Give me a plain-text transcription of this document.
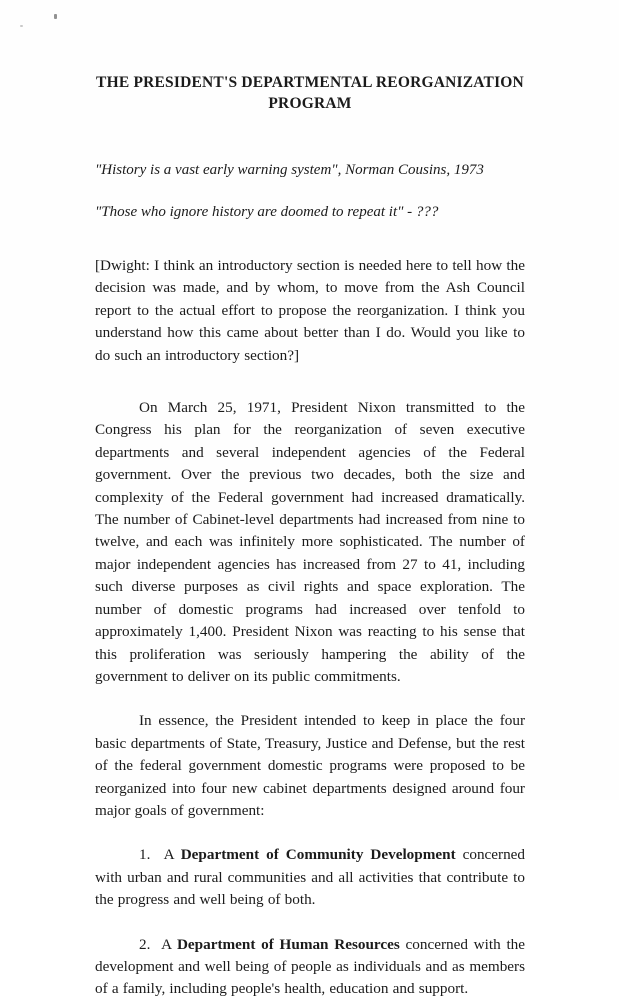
THE PRESIDENT'S DEPARTMENTAL REORGANIZATION PROGRAM

"History is a vast early warning system", Norman Cousins, 1973

"Those who ignore history are doomed to repeat it" - ???

[Dwight: I think an introductory section is needed here to tell how the decision was made, and by whom, to move from the Ash Council report to the actual effort to propose the reorganization. I think you understand how this came about better than I do. Would you like to do such an introductory section?]

On March 25, 1971, President Nixon transmitted to the Congress his plan for the reorganization of seven executive departments and several independent agencies of the Federal government. Over the previous two decades, both the size and complexity of the Federal government had increased dramatically. The number of Cabinet-level departments had increased from nine to twelve, and each was infinitely more sophisticated. The number of major independent agencies has increased from 27 to 41, including such diverse purposes as civil rights and space exploration. The number of domestic programs had increased over tenfold to approximately 1,400. President Nixon was reacting to his sense that this proliferation was seriously hampering the ability of the government to deliver on its public commitments.

In essence, the President intended to keep in place the four basic departments of State, Treasury, Justice and Defense, but the rest of the federal government domestic programs were proposed to be reorganized into four new cabinet departments designed around four major goals of government:

1. A Department of Community Development concerned with urban and rural communities and all activities that contribute to the progress and well being of both.

2. A Department of Human Resources concerned with the development and well being of people as individuals and as members of a family, including people's health, education and support.
